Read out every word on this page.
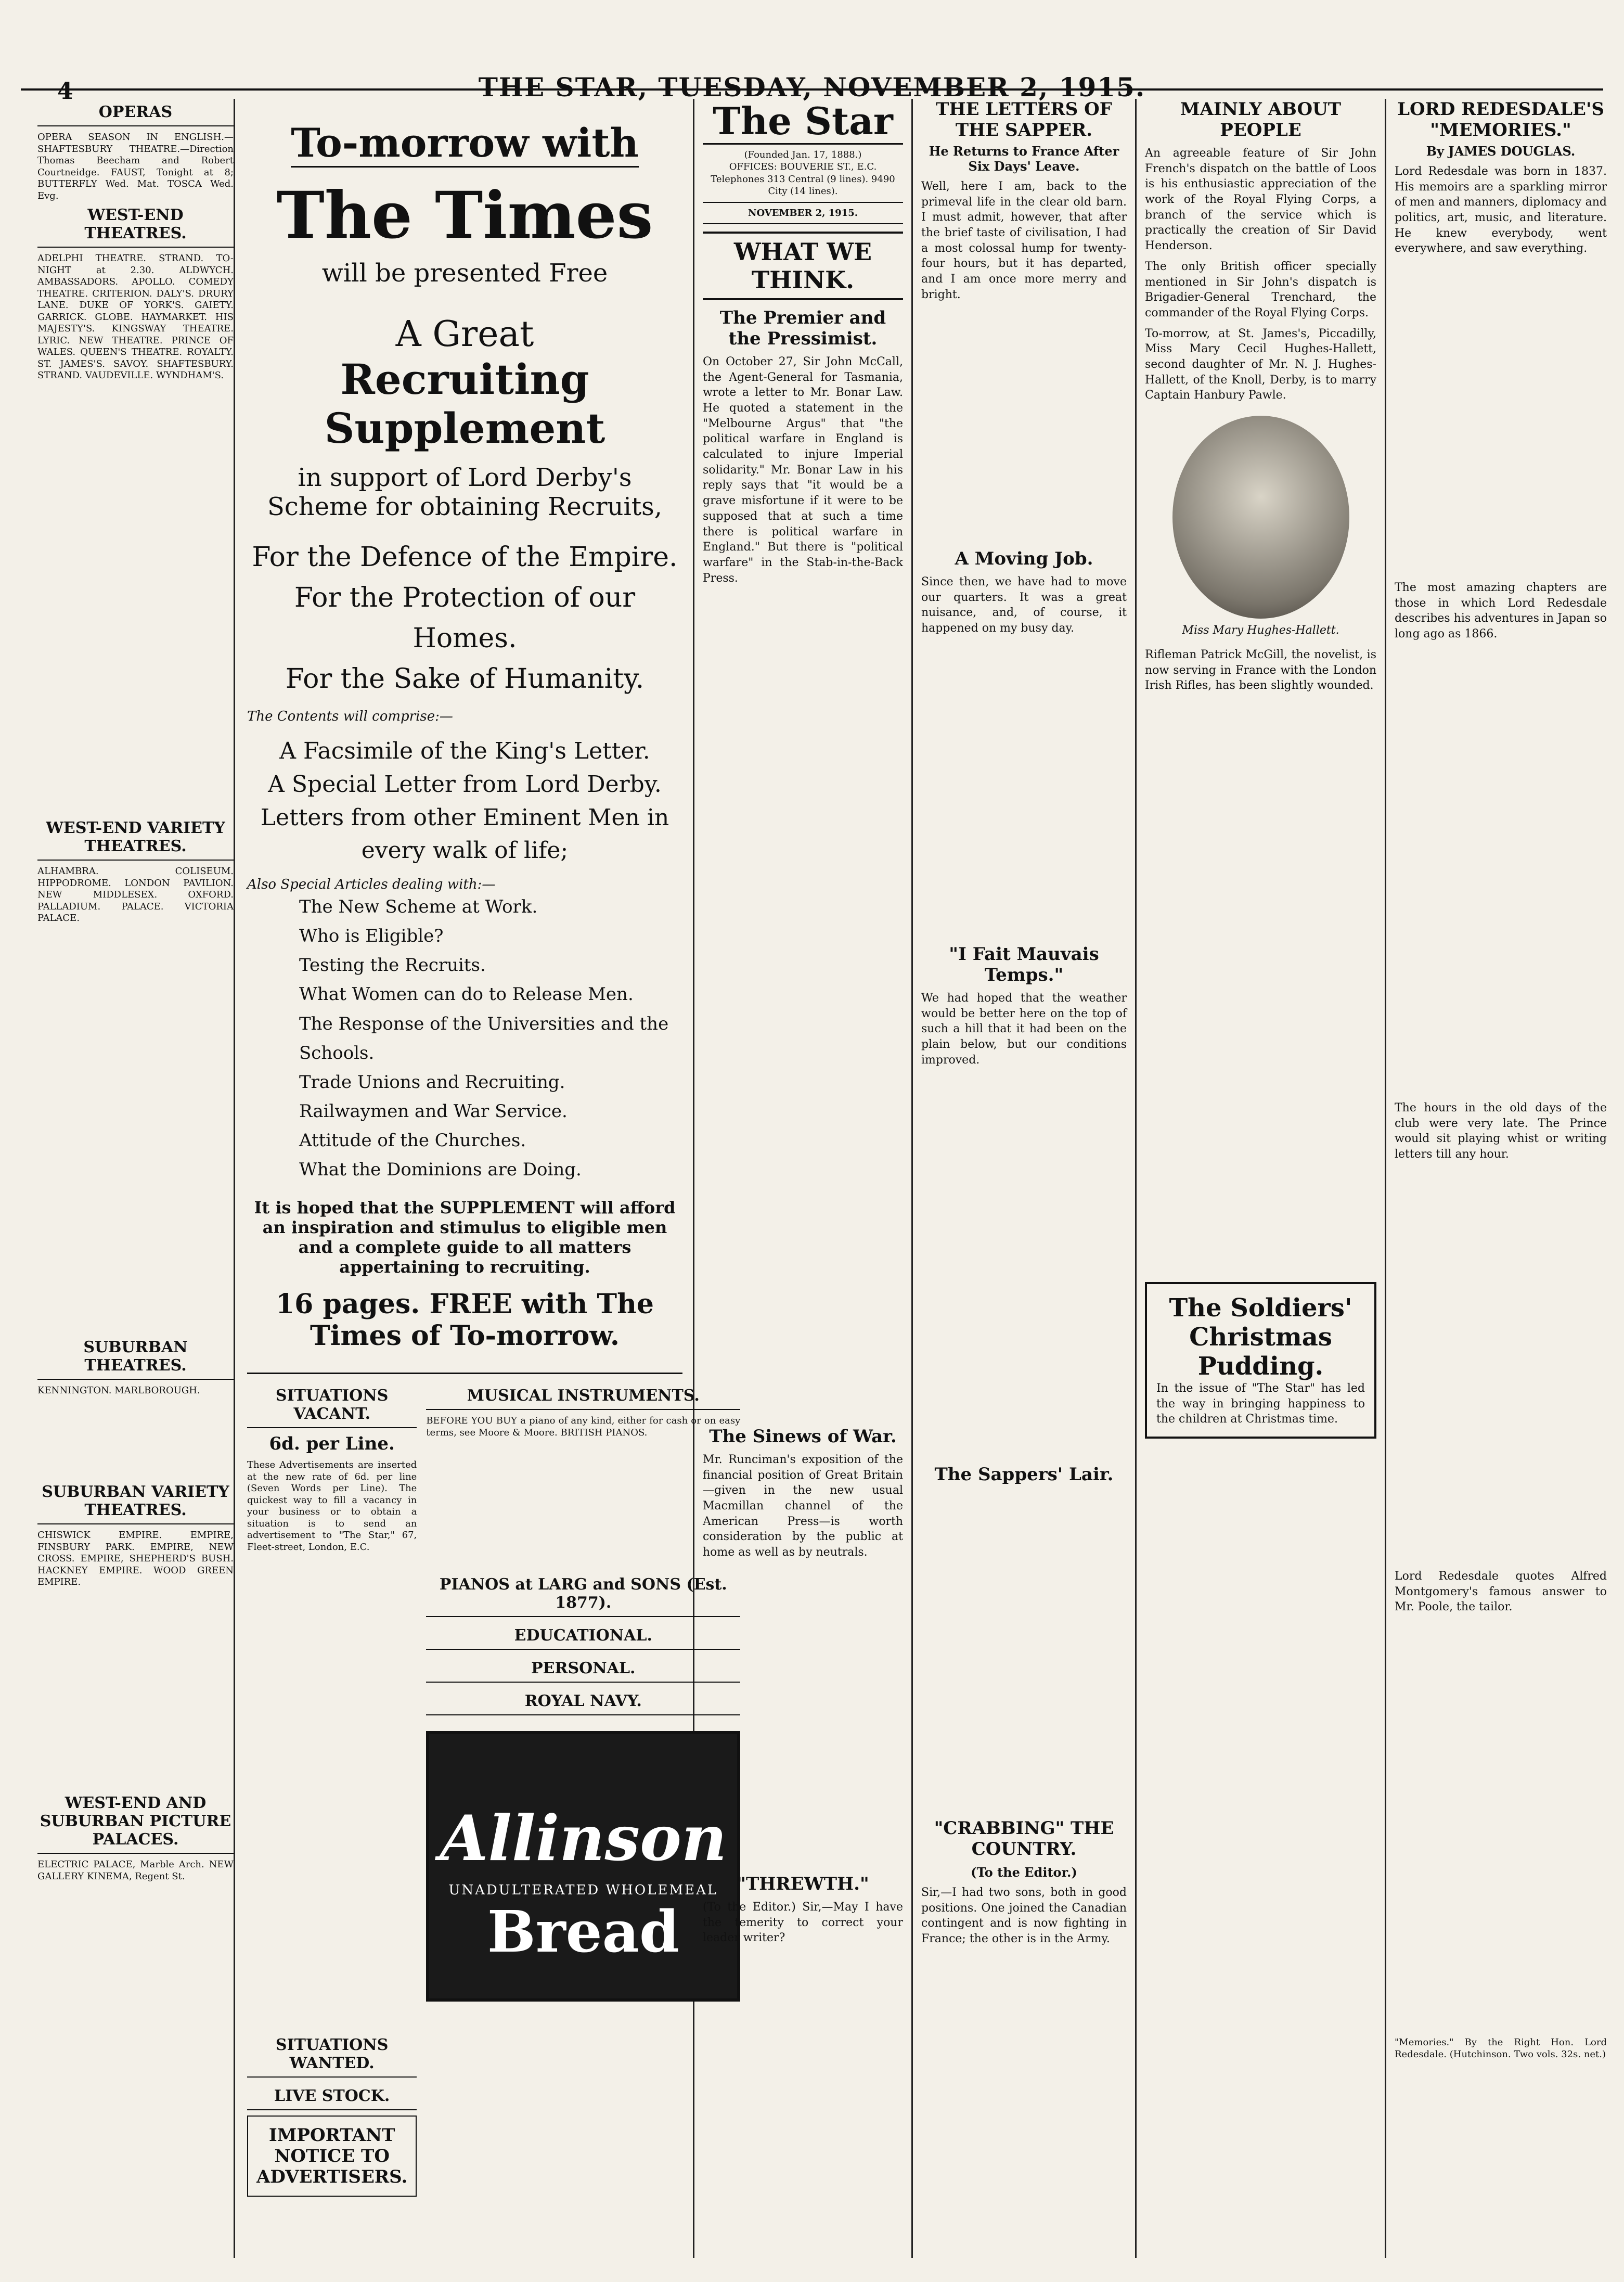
4	THE STAR, TUESDAY, NOVEMBER 2, 1915.
OPERAS
OPERA SEASON IN ENGLISH.—SHAFTESBURY THEATRE.—Direction Thomas Beecham and Robert Courtneidge. FAUST, Tonight at 8; BUTTERFLY Wed. Mat. TOSCA Wed. Evg.
WEST-END THEATRES.
ADELPHI THEATRE. STRAND. TO-NIGHT at 2.30. ALDWYCH. AMBASSADORS. APOLLO. COMEDY THEATRE. CRITERION. DALY'S. DRURY LANE. DUKE OF YORK'S. GAIETY. GARRICK. GLOBE. HAYMARKET. HIS MAJESTY'S. KINGSWAY THEATRE. LYRIC. NEW THEATRE. PRINCE OF WALES. QUEEN'S THEATRE. ROYALTY. ST. JAMES'S. SAVOY. SHAFTESBURY. STRAND. VAUDEVILLE. WYNDHAM'S.
WEST-END VARIETY THEATRES.
ALHAMBRA. COLISEUM. HIPPODROME. LONDON PAVILION. NEW MIDDLESEX. OXFORD. PALLADIUM. PALACE. VICTORIA PALACE.
SUBURBAN THEATRES.
KENNINGTON. MARLBOROUGH.
SUBURBAN VARIETY THEATRES.
CHISWICK EMPIRE. EMPIRE, FINSBURY PARK. EMPIRE, NEW CROSS. EMPIRE, SHEPHERD'S BUSH. HACKNEY EMPIRE. WOOD GREEN EMPIRE.
WEST-END AND SUBURBAN PICTURE PALACES.
ELECTRIC PALACE, Marble Arch. NEW GALLERY KINEMA, Regent St.
To-morrow with
The Times
will be presented Free
A Great
Recruiting Supplement
in support of Lord Derby's Scheme for obtaining Recruits,
For the Defence of the Empire.
For the Protection of our Homes.
For the Sake of Humanity.
The Contents will comprise:—
A Facsimile of the King's Letter.
A Special Letter from Lord Derby.
Letters from other Eminent Men in every walk of life;
Also Special Articles dealing with:—
The New Scheme at Work.
Who is Eligible?
Testing the Recruits.
What Women can do to Release Men.
The Response of the Universities and the Schools.
Trade Unions and Recruiting.
Railwaymen and War Service.
Attitude of the Churches.
What the Dominions are Doing.
It is hoped that the SUPPLEMENT will afford an inspiration and stimulus to eligible men and a complete guide to all matters appertaining to recruiting.
16 pages. FREE with The Times of To-morrow.
SITUATIONS VACANT.
6d. per Line.
These Advertisements are inserted at the new rate of 6d. per line (Seven Words per Line). The quickest way to fill a vacancy in your business or to obtain a situation is to send an advertisement to "The Star," 67, Fleet-street, London, E.C.
SITUATIONS WANTED.
LIVE STOCK.
IMPORTANT NOTICE TO ADVERTISERS.
MUSICAL INSTRUMENTS.
BEFORE YOU BUY a piano of any kind, either for cash or on easy terms, see Moore & Moore. BRITISH PIANOS.
PIANOS at LARG and SONS (Est. 1877).
EDUCATIONAL.
PERSONAL.
ROYAL NAVY.
Allinson
UNADULTERATED WHOLEMEAL
Bread
The Star
(Founded Jan. 17, 1888.)
OFFICES: BOUVERIE ST., E.C.
Telephones 313 Central (9 lines). 9490 City (14 lines).
NOVEMBER 2, 1915.
WHAT WE THINK.
The Premier and the Pressimist.
On October 27, Sir John McCall, the Agent-General for Tasmania, wrote a letter to Mr. Bonar Law. He quoted a statement in the "Melbourne Argus" that "the political warfare in England is calculated to injure Imperial solidarity." Mr. Bonar Law in his reply says that "it would be a grave misfortune if it were to be supposed that at such a time there is political warfare in England." But there is "political warfare" in the Stab-in-the-Back Press.
The Sinews of War.
Mr. Runciman's exposition of the financial position of Great Britain—given in the new usual Macmillan channel of the American Press—is worth consideration by the public at home as well as by neutrals.
"THREWTH."
(To the Editor.) Sir,—May I have the temerity to correct your leader writer?
THE LETTERS OF THE SAPPER.
He Returns to France After Six Days' Leave.
Well, here I am, back to the primeval life in the clear old barn. I must admit, however, that after the brief taste of civilisation, I had a most colossal hump for twenty-four hours, but it has departed, and I am once more merry and bright.
A Moving Job.
Since then, we have had to move our quarters. It was a great nuisance, and, of course, it happened on my busy day.
"I Fait Mauvais Temps."
We had hoped that the weather would be better here on the top of such a hill that it had been on the plain below, but our conditions improved.
The Sappers' Lair.
"CRABBING" THE COUNTRY.
(To the Editor.)
Sir,—I had two sons, both in good positions. One joined the Canadian contingent and is now fighting in France; the other is in the Army.
MAINLY ABOUT PEOPLE
An agreeable feature of Sir John French's dispatch on the battle of Loos is his enthusiastic appreciation of the work of the Royal Flying Corps, a branch of the service which is practically the creation of Sir David Henderson.
The only British officer specially mentioned in Sir John's dispatch is Brigadier-General Trenchard, the commander of the Royal Flying Corps.
To-morrow, at St. James's, Piccadilly, Miss Mary Cecil Hughes-Hallett, second daughter of Mr. N. J. Hughes-Hallett, of the Knoll, Derby, is to marry Captain Hanbury Pawle.
Miss Mary Hughes-Hallett.
Rifleman Patrick McGill, the novelist, is now serving in France with the London Irish Rifles, has been slightly wounded.
The Soldiers' Christmas Pudding.
In the issue of "The Star" has led the way in bringing happiness to the children at Christmas time.
LORD REDESDALE'S "MEMORIES."
By JAMES DOUGLAS.
Lord Redesdale was born in 1837. His memoirs are a sparkling mirror of men and manners, diplomacy and politics, art, music, and literature. He knew everybody, went everywhere, and saw everything.
The most amazing chapters are those in which Lord Redesdale describes his adventures in Japan so long ago as 1866.
The hours in the old days of the club were very late. The Prince would sit playing whist or writing letters till any hour.
Lord Redesdale quotes Alfred Montgomery's famous answer to Mr. Poole, the tailor.
"Memories." By the Right Hon. Lord Redesdale. (Hutchinson. Two vols. 32s. net.)
